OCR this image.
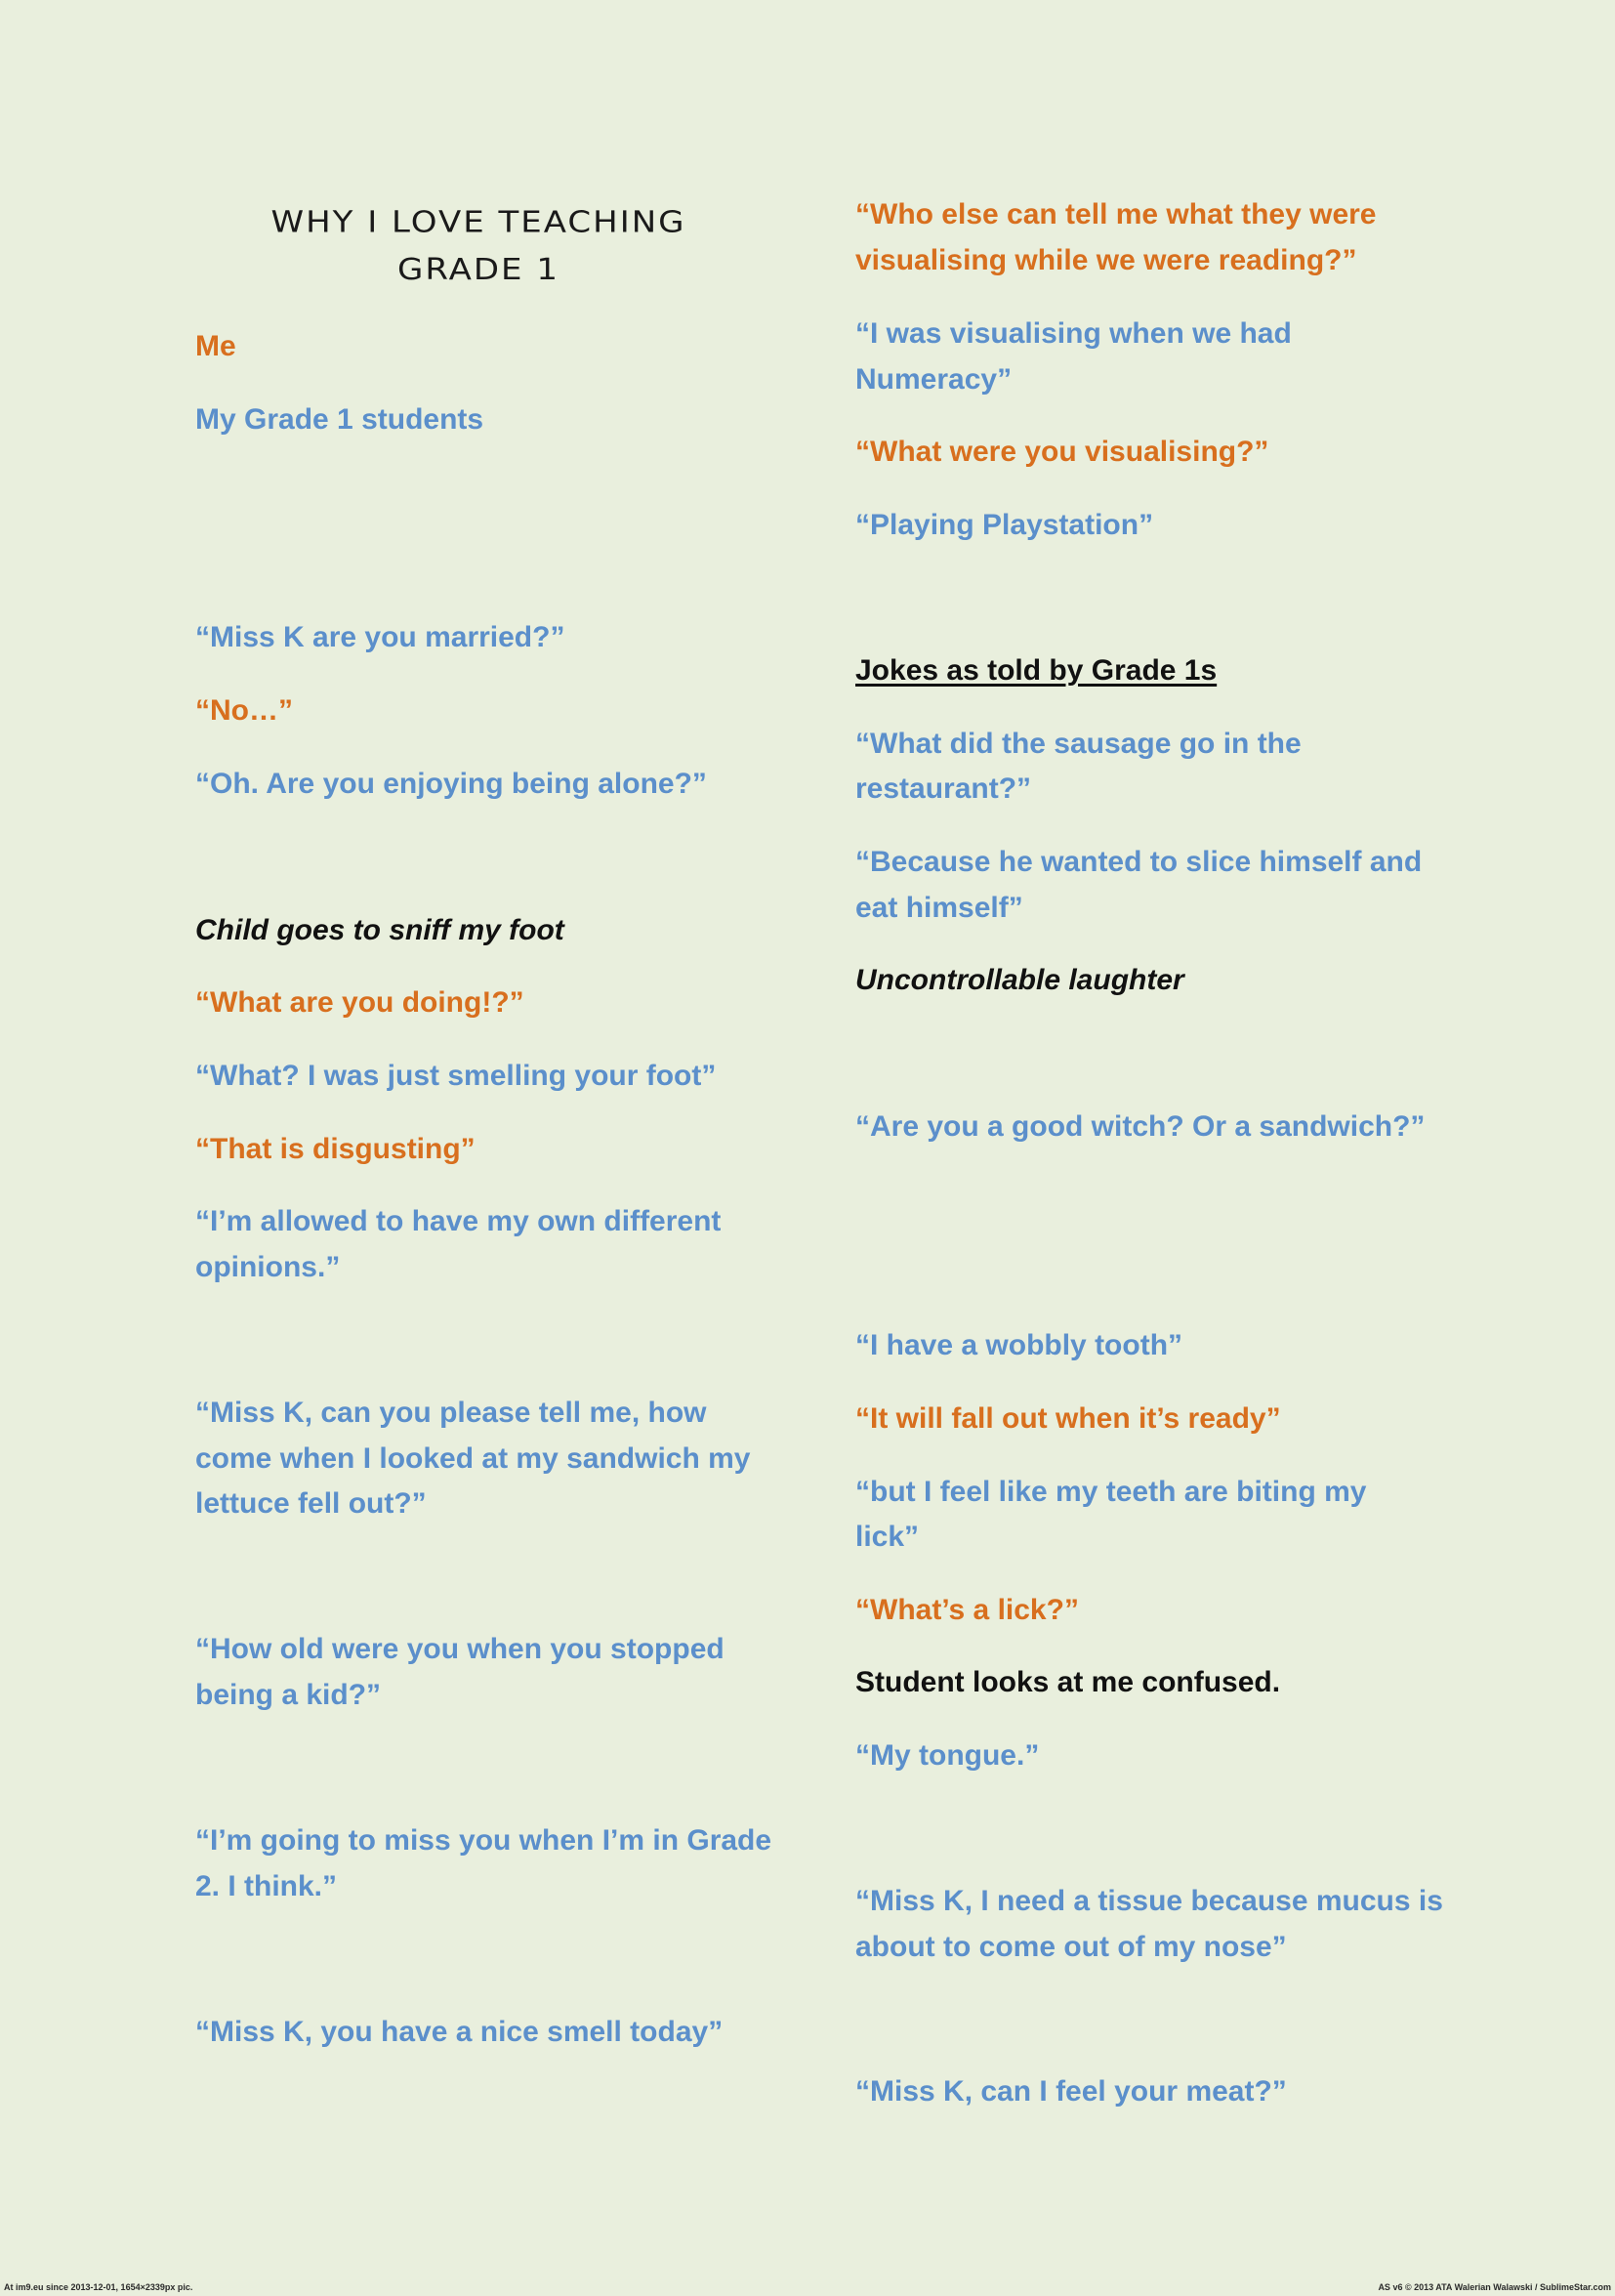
WHY I LOVE TEACHING
GRADE 1

Me

My Grade 1 students

“Miss K are you married?”

“No…”

“Oh. Are you enjoying being alone?”

Child goes to sniff my foot

“What are you doing!?”

“What? I was just smelling your foot”

“That is disgusting”

“I’m allowed to have my own different

opinions.”

“Miss K, can you please tell me, how

come when I looked at my sandwich my

lettuce fell out?”

“How old were you when you stopped

being a kid?”

“I’m going to miss you when I’m in Grade

2. I think.”

“Miss K, you have a nice smell today”

“Who else can tell me what they were

visualising while we were reading?”

“I was visualising when we had

Numeracy”

“What were you visualising?”

“Playing Playstation”

Jokes as told by Grade 1s

“What did the sausage go in the

restaurant?”

“Because he wanted to slice himself and

eat himself”

Uncontrollable laughter

“Are you a good witch? Or a sandwich?”

“I have a wobbly tooth”

“It will fall out when it’s ready”

“but I feel like my teeth are biting my

lick”

“What’s a lick?”

Student looks at me confused.

“My tongue.”

“Miss K, I need a tissue because mucus is

about to come out of my nose”

“Miss K, can I feel your meat?”

At im9.eu since 2013-12-01, 1654×2339px pic.	AS v6 © 2013 ATA Walerian Walawski / SublimeStar.com
